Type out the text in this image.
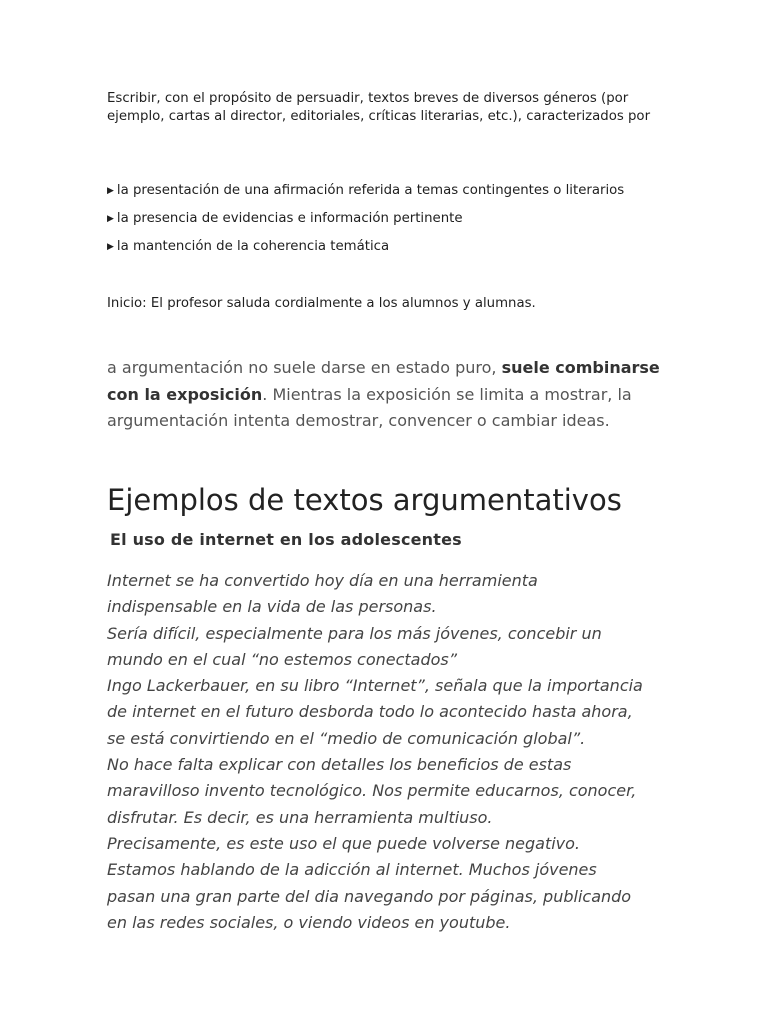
Escribir, con el propósito de persuadir, textos breves de diversos géneros (por ejemplo, cartas al director, editoriales, críticas literarias, etc.), caracterizados por

▶ la presentación de una afirmación referida a temas contingentes o literarios
▶ la presencia de evidencias e información pertinente
▶ la mantención de la coherencia temática

Inicio: El profesor saluda cordialmente a los alumnos y alumnas.

a argumentación no suele darse en estado puro, suele combinarse con la exposición. Mientras la exposición se limita a mostrar, la argumentación intenta demostrar, convencer o cambiar ideas.

Ejemplos de textos argumentativos
El uso de internet en los adolescentes
Internet se ha convertido hoy día en una herramienta
indispensable en la vida de las personas.
Sería difícil, especialmente para los más jóvenes, concebir un
mundo en el cual “no estemos conectados”
Ingo Lackerbauer, en su libro “Internet”, señala que la importancia
de internet en el futuro desborda todo lo acontecido hasta ahora,
se está convirtiendo en el “medio de comunicación global”.
No hace falta explicar con detalles los beneficios de estas
maravilloso invento tecnológico. Nos permite educarnos, conocer,
disfrutar. Es decir, es una herramienta multiuso.
Precisamente, es este uso el que puede volverse negativo.
Estamos hablando de la adicción al internet. Muchos jóvenes
pasan una gran parte del dia navegando por páginas, publicando
en las redes sociales, o viendo videos en youtube.
